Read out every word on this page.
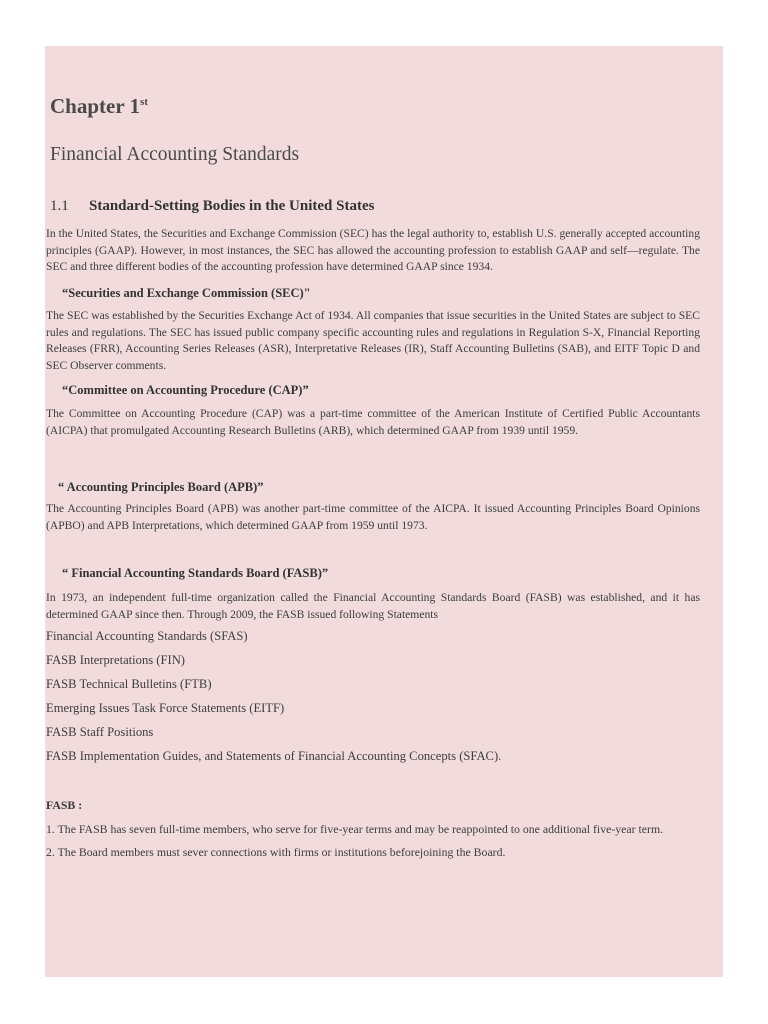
Chapter 1st
Financial Accounting Standards
1.1 Standard-Setting Bodies in the United States

In the United States, the Securities and Exchange Commission (SEC) has the legal authority to, establish U.S. generally accepted accounting principles (GAAP). However, in most instances, the SEC has allowed the accounting profession to establish GAAP and self—regulate. The SEC and three different bodies of the accounting profession have determined GAAP since 1934.

“Securities and Exchange Commission (SEC)"

The SEC was established by the Securities Exchange Act of 1934. All companies that issue securities in the United States are subject to SEC rules and regulations. The SEC has issued public company specific accounting rules and regulations in Regulation S-X, Financial Reporting Releases (FRR), Accounting Series Releases (ASR), Interpretative Releases (IR), Staff Accounting Bulletins (SAB), and EITF Topic D and SEC Observer comments.

“Committee on Accounting Procedure (CAP)”

The Committee on Accounting Procedure (CAP) was a part-time committee of the American Institute of Certified Public Accountants (AICPA) that promulgated Accounting Research Bulletins (ARB), which determined GAAP from 1939 until 1959.

“ Accounting Principles Board (APB)”

The Accounting Principles Board (APB) was another part-time committee of the AICPA. It issued Accounting Principles Board Opinions (APBO) and APB Interpretations, which determined GAAP from 1959 until 1973.

“ Financial Accounting Standards Board (FASB)”

In 1973, an independent full-time organization called the Financial Accounting Standards Board (FASB) was established, and it has determined GAAP since then. Through 2009, the FASB issued following Statements

Financial Accounting Standards (SFAS)

FASB Interpretations (FIN)

FASB Technical Bulletins (FTB)

Emerging Issues Task Force Statements (EITF)

FASB Staff Positions

FASB Implementation Guides, and Statements of Financial Accounting Concepts (SFAC).

FASB :

1. The FASB has seven full-time members, who serve for five-year terms and may be reappointed to one additional five-year term.

2. The Board members must sever connections with firms or institutions beforejoining the Board.
